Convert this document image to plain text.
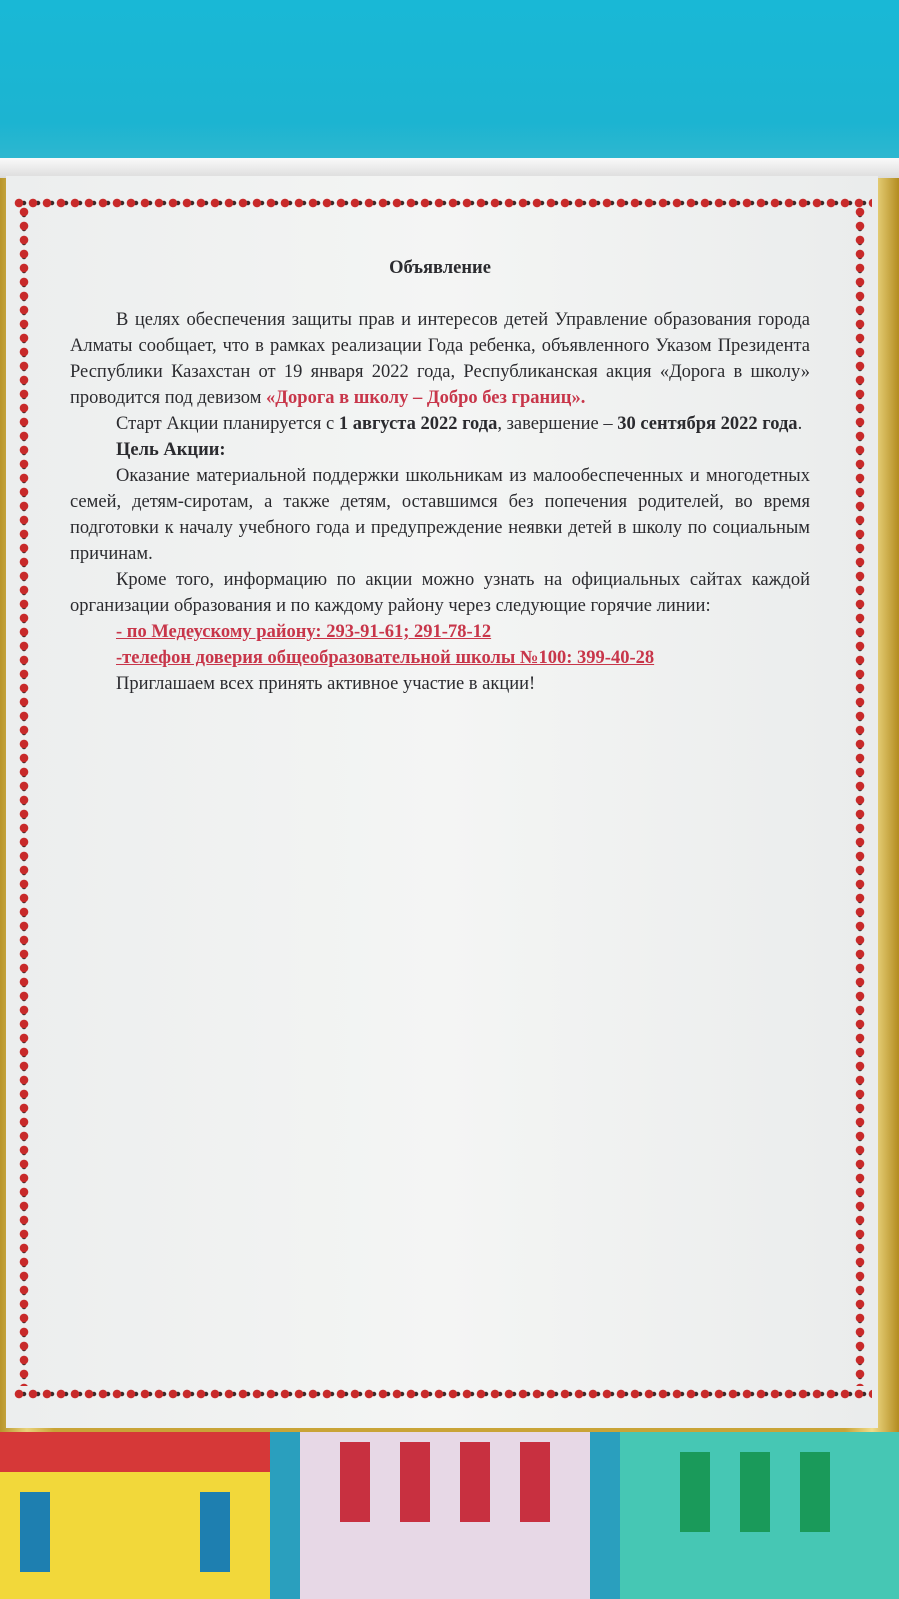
Объявление

В целях обеспечения защиты прав и интересов детей Управление образования города Алматы сообщает, что в рамках реализации Года ребенка, объявленного Указом Президента Республики Казахстан от 19 января 2022 года, Республиканская акция «Дорога в школу» проводится под девизом «Дорога в школу – Добро без границ».

Старт Акции планируется с 1 августа 2022 года, завершение – 30 сентября 2022 года.

Цель Акции:

Оказание материальной поддержки школьникам из малообеспеченных и многодетных семей, детям-сиротам, а также детям, оставшимся без попечения родителей, во время подготовки к началу учебного года и предупреждение неявки детей в школу по социальным причинам.

Кроме того, информацию по акции можно узнать на официальных сайтах каждой организации образования и по каждому району через следующие горячие линии:

- по Медеускому району: 293-91-61; 291-78-12

-телефон доверия общеобразовательной школы №100: 399-40-28

Приглашаем всех принять активное участие в акции!
